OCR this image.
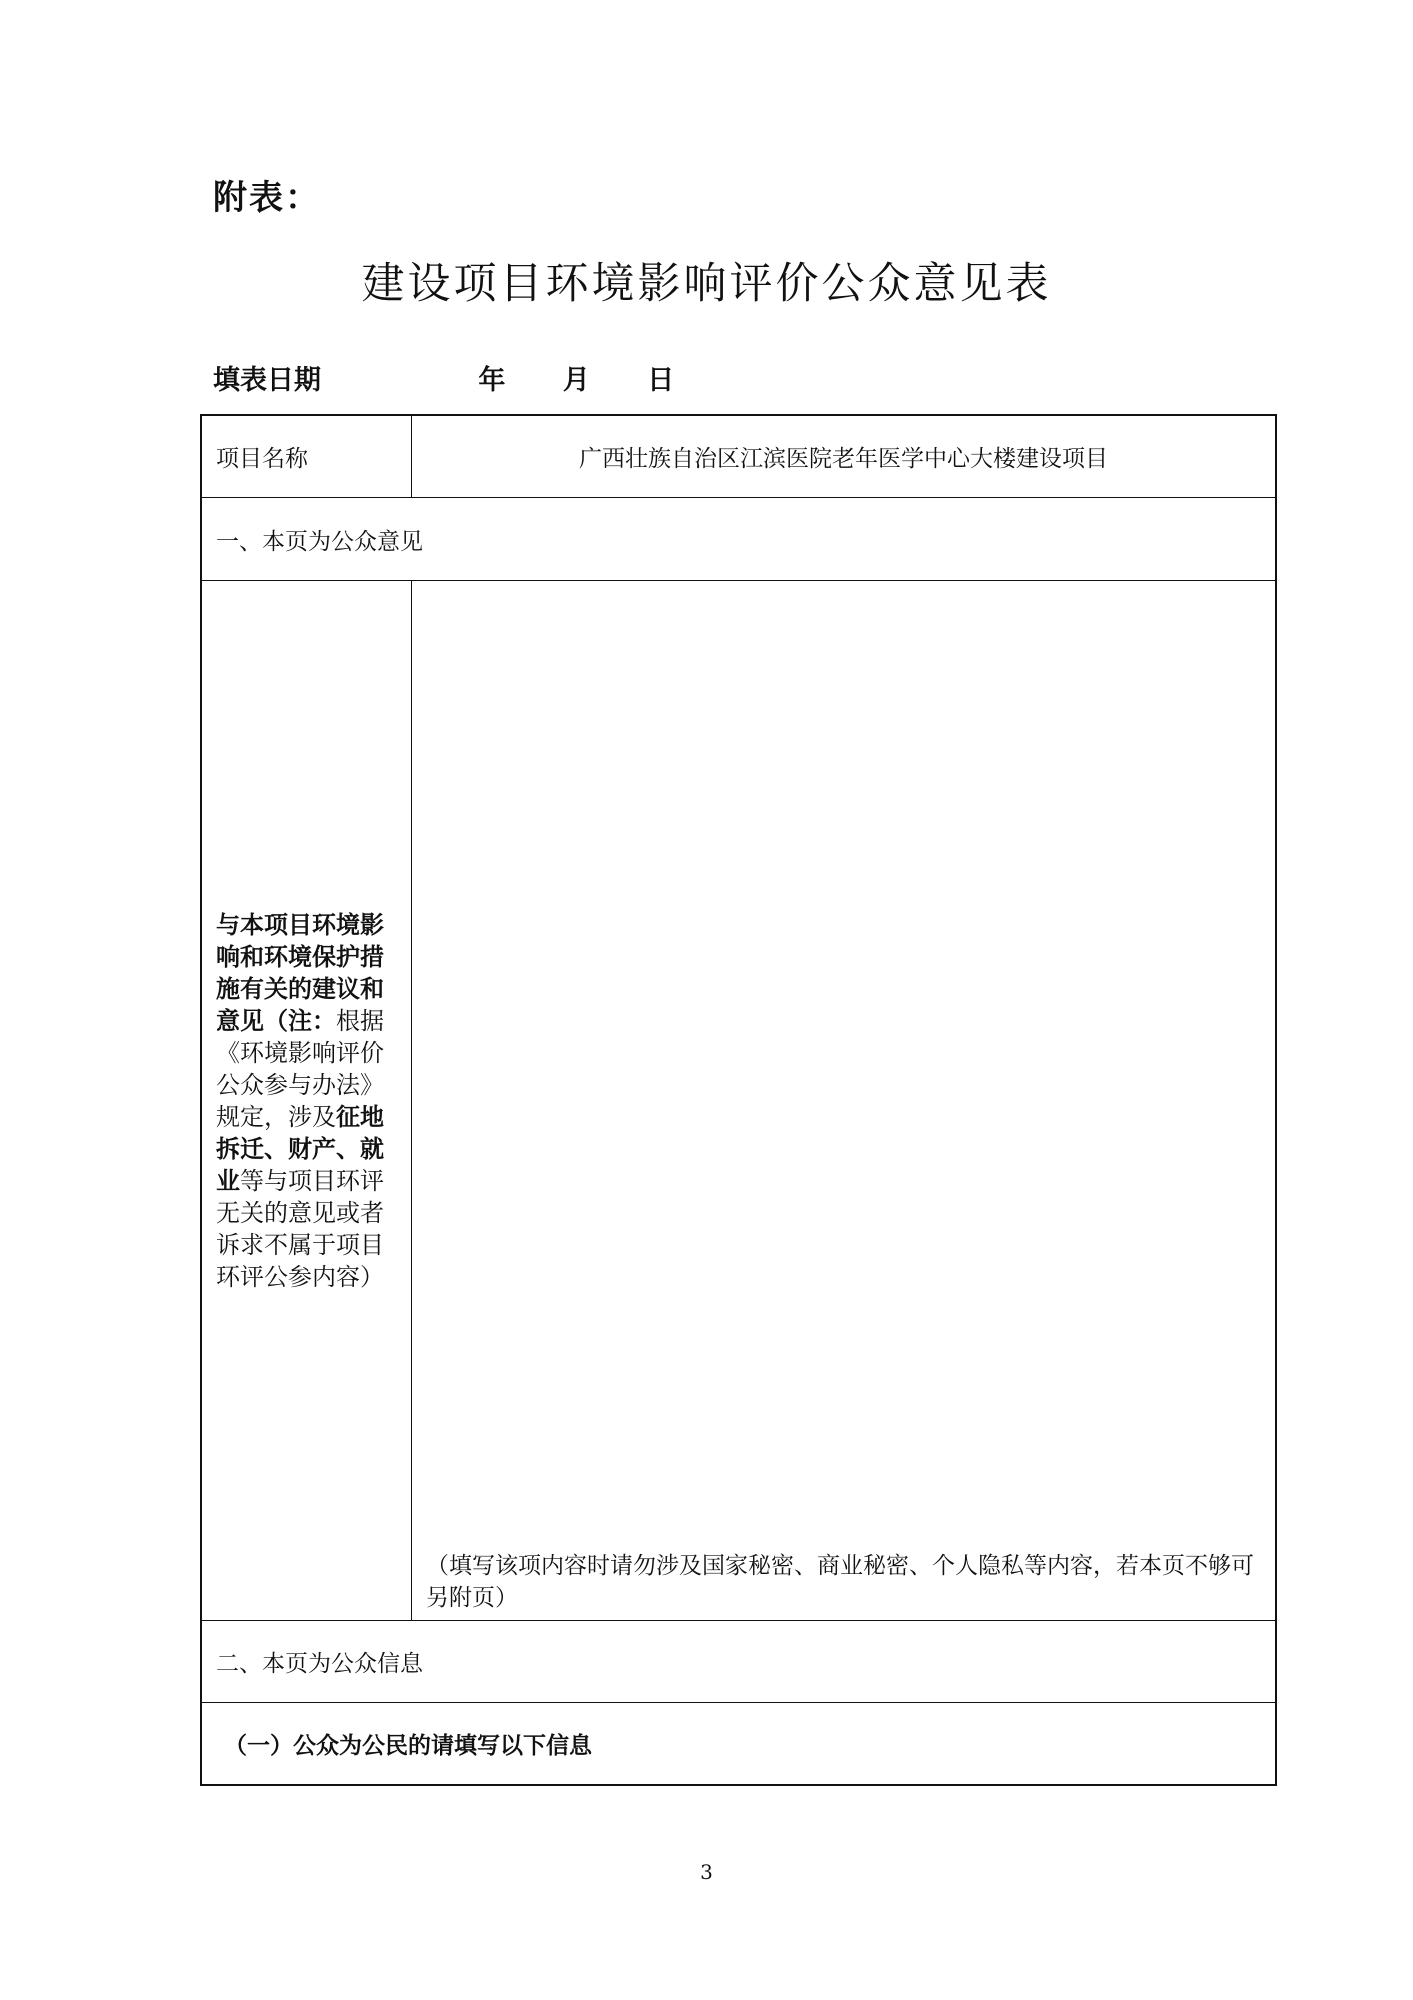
附表：
建设项目环境影响评价公众意见表
填表日期	年 月 日
项目名称	广西壮族自治区江滨医院老年医学中心大楼建设项目
一、本页为公众意见
与本项目环境影响和环境保护措施有关的建议和意见（注：根据《环境影响评价公众参与办法》规定，涉及征地拆迁、财产、就业等与项目环评无关的意见或者诉求不属于项目环评公参内容）
（填写该项内容时请勿涉及国家秘密、商业秘密、个人隐私等内容，若本页不够可另附页）
二、本页为公众信息
（一）公众为公民的请填写以下信息
3
